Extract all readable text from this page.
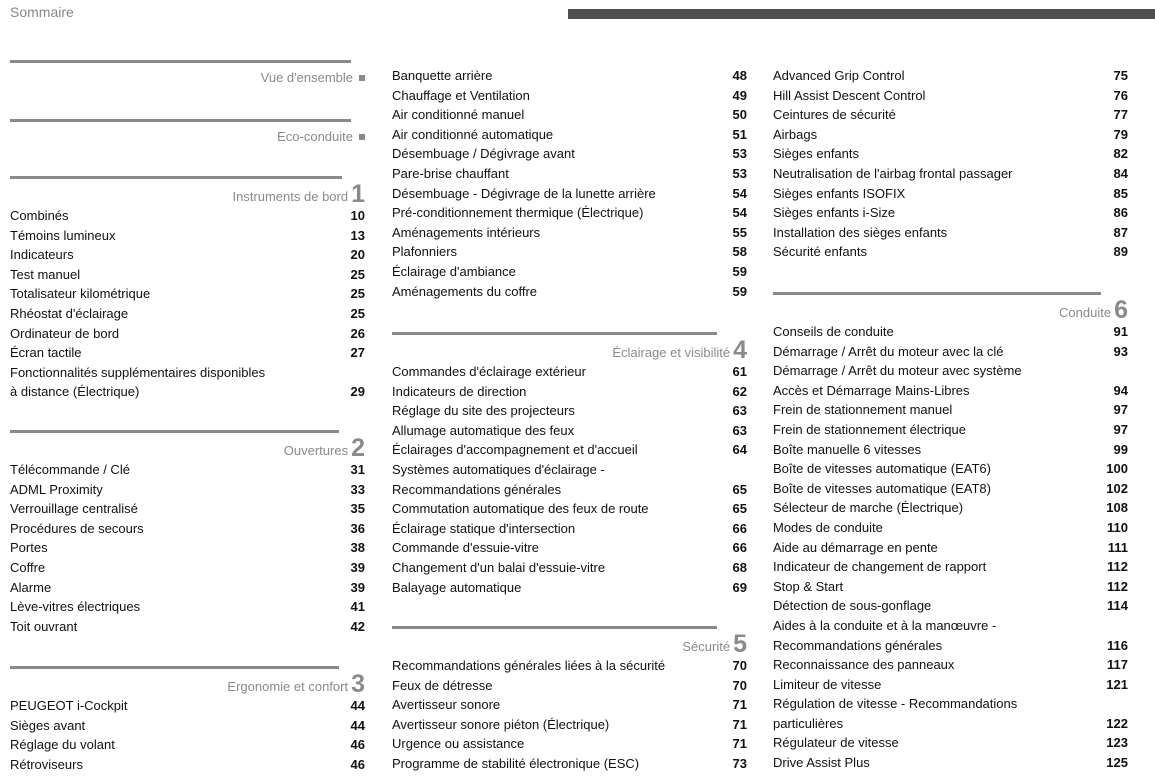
Sommaire
Vue d'ensemble
Eco-conduite
Instruments de bord 1
Combinés	10
Témoins lumineux	13
Indicateurs	20
Test manuel	25
Totalisateur kilométrique	25
Rhéostat d'éclairage	25
Ordinateur de bord	26
Écran tactile	27
Fonctionnalités supplémentaires disponibles
à distance (Électrique)	29
Ouvertures 2
Télécommande / Clé	31
ADML Proximity	33
Verrouillage centralisé	35
Procédures de secours	36
Portes	38
Coffre	39
Alarme	39
Lève-vitres électriques	41
Toit ouvrant	42
Ergonomie et confort 3
PEUGEOT i-Cockpit	44
Sièges avant	44
Réglage du volant	46
Rétroviseurs	46
Banquette arrière	48
Chauffage et Ventilation	49
Air conditionné manuel	50
Air conditionné automatique	51
Désembuage / Dégivrage avant	53
Pare-brise chauffant	53
Désembuage - Dégivrage de la lunette arrière	54
Pré-conditionnement thermique (Électrique)	54
Aménagements intérieurs	55
Plafonniers	58
Éclairage d'ambiance	59
Aménagements du coffre	59
Éclairage et visibilité 4
Commandes d'éclairage extérieur	61
Indicateurs de direction	62
Réglage du site des projecteurs	63
Allumage automatique des feux	63
Éclairages d'accompagnement et d'accueil	64
Systèmes automatiques d'éclairage -
Recommandations générales	65
Commutation automatique des feux de route	65
Éclairage statique d'intersection	66
Commande d'essuie-vitre	66
Changement d'un balai d'essuie-vitre	68
Balayage automatique	69
Sécurité 5
Recommandations générales liées à la sécurité	70
Feux de détresse	70
Avertisseur sonore	71
Avertisseur sonore piéton (Électrique)	71
Urgence ou assistance	71
Programme de stabilité électronique (ESC)	73
Advanced Grip Control	75
Hill Assist Descent Control	76
Ceintures de sécurité	77
Airbags	79
Sièges enfants	82
Neutralisation de l'airbag frontal passager	84
Sièges enfants ISOFIX	85
Sièges enfants i-Size	86
Installation des sièges enfants	87
Sécurité enfants	89
Conduite 6
Conseils de conduite	91
Démarrage / Arrêt du moteur avec la clé	93
Démarrage / Arrêt du moteur avec système
Accès et Démarrage Mains-Libres	94
Frein de stationnement manuel	97
Frein de stationnement électrique	97
Boîte manuelle 6 vitesses	99
Boîte de vitesses automatique (EAT6)	100
Boîte de vitesses automatique (EAT8)	102
Sélecteur de marche (Électrique)	108
Modes de conduite	110
Aide au démarrage en pente	111
Indicateur de changement de rapport	112
Stop & Start	112
Détection de sous-gonflage	114
Aides à la conduite et à la manœuvre -
Recommandations générales	116
Reconnaissance des panneaux	117
Limiteur de vitesse	121
Régulation de vitesse - Recommandations
particulières	122
Régulateur de vitesse	123
Drive Assist Plus	125
